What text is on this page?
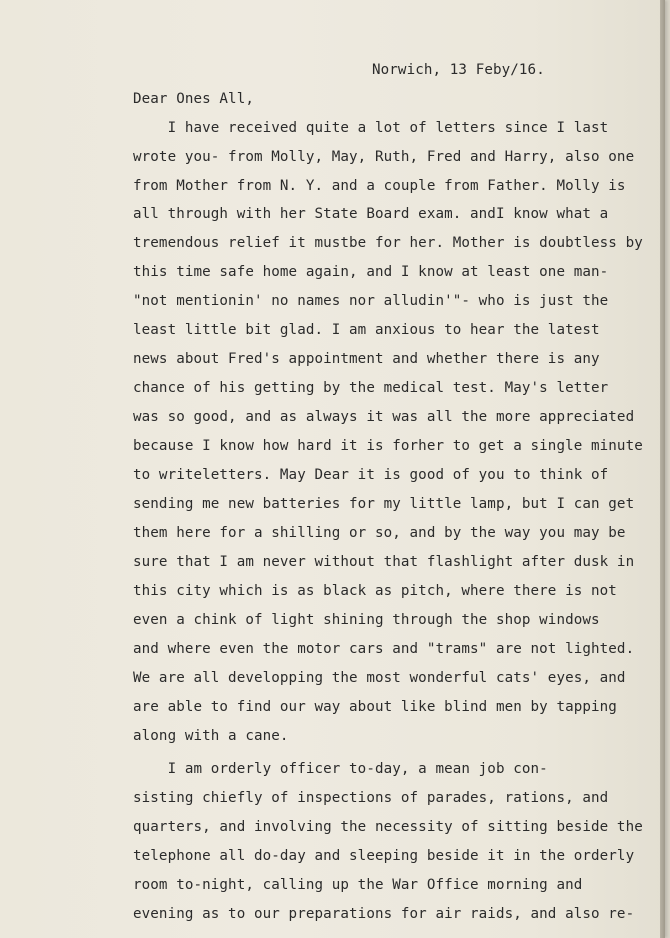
Norwich, 13 Feby/16.
Dear Ones All,
I have received quite a lot of letters since I last
wrote you- from Molly, May, Ruth, Fred and Harry, also one
from Mother from N. Y. and a couple from Father. Molly is
all through with her State Board exam. andI know what a
tremendous relief it mustbe for her. Mother is doubtless by
this time safe home again, and I know at least one man-
"not mentionin' no names nor alludin'"- who is just the
least little bit glad. I am anxious to hear the latest
news about Fred's appointment and whether there is any
chance of his getting by the medical test. May's letter
was so good, and as always it was all the more appreciated
because I know how hard it is forher to get a single minute
to writeletters. May Dear it is good of you to think of
sending me new batteries for my little lamp, but I can get
them here for a shilling or so, and by the way you may be
sure that I am never without that flashlight after dusk in
this city which is as black as pitch, where there is not
even a chink of light shining through the shop windows
and where even the motor cars and "trams" are not lighted.
We are all developping the most wonderful cats' eyes, and
are able to find our way about like blind men by tapping
along with a cane.
I am orderly officer to-day, a mean job con-
sisting chiefly of inspections of parades, rations, and
quarters, and involving the necessity of sitting beside the
telephone all do-day and sleeping beside it in the orderly
room to-night, calling up the War Office morning and
evening as to our preparations for air raids, and also re-
